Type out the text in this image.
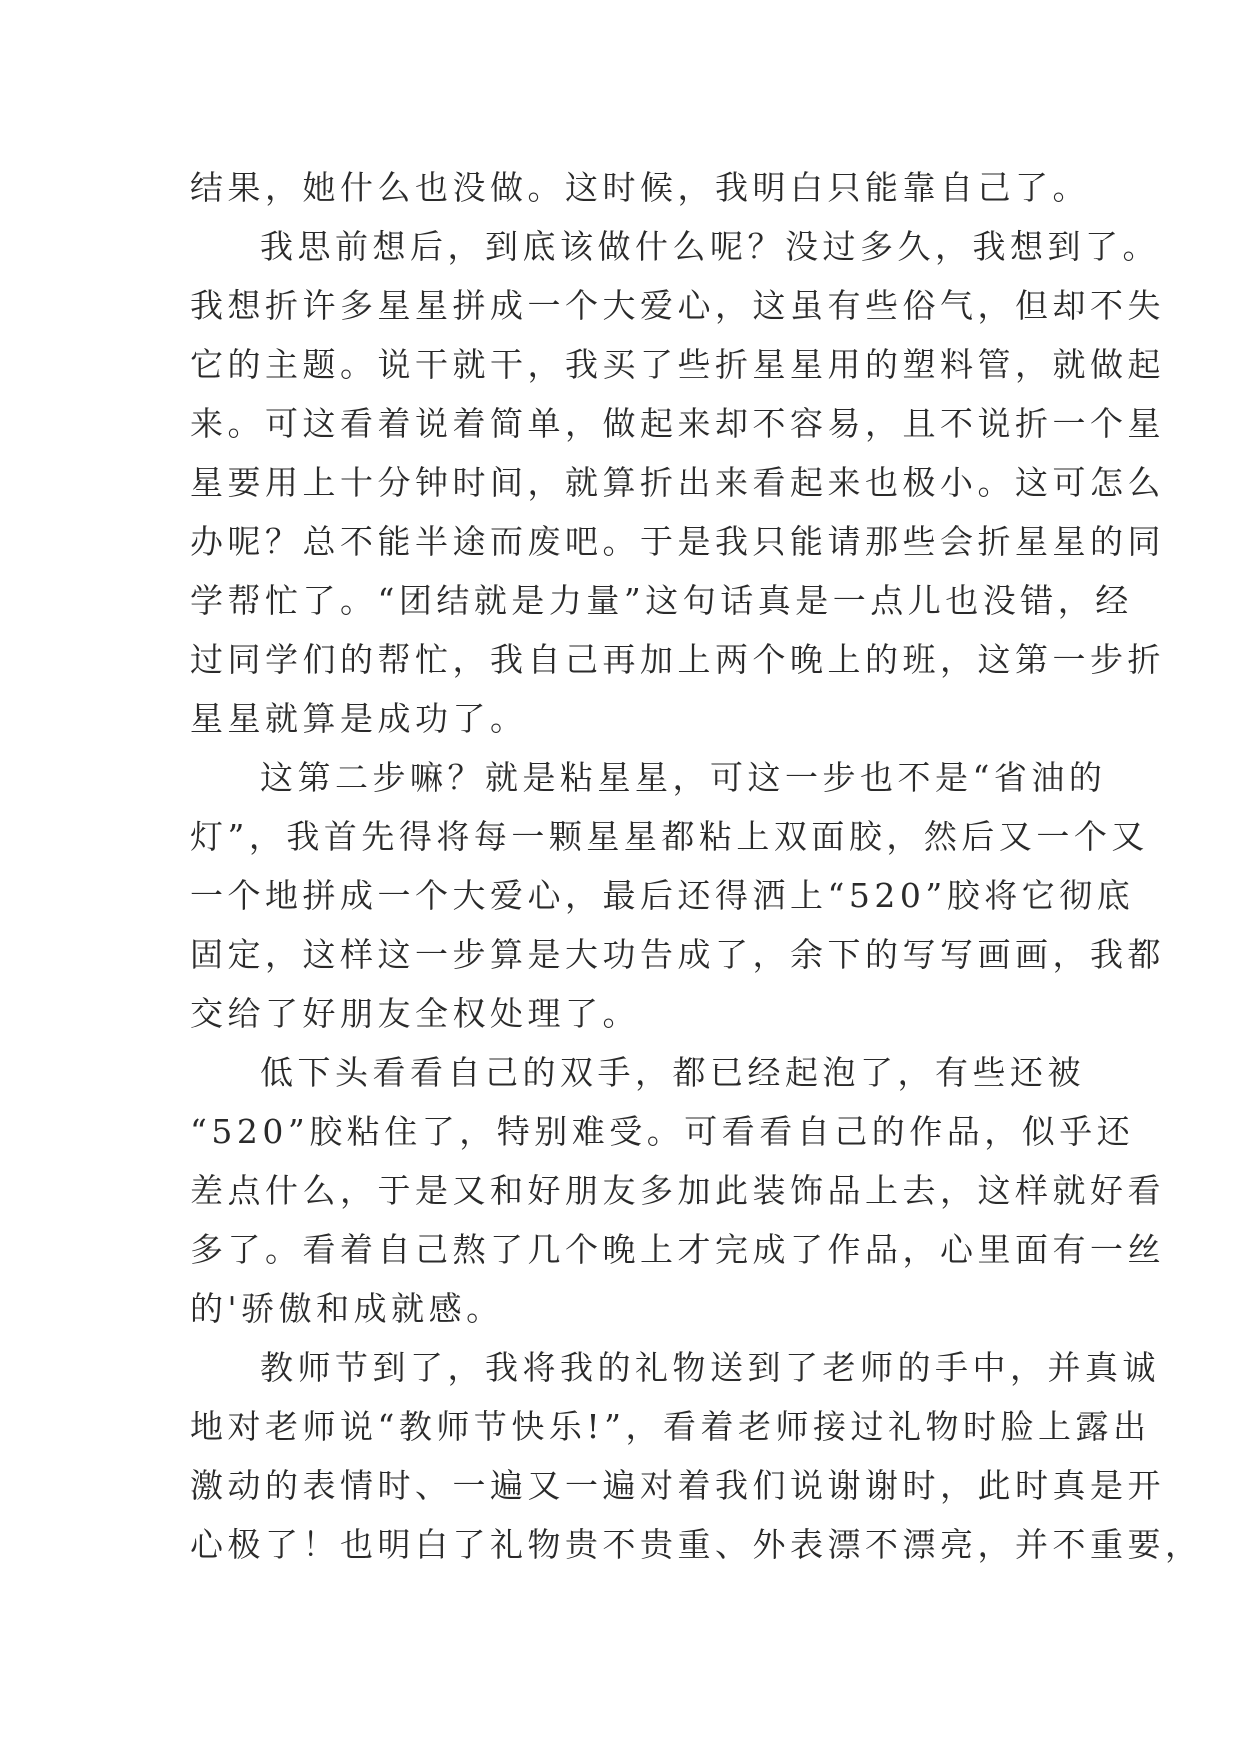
结果，她什么也没做。这时候，我明白只能靠自己了。
我思前想后，到底该做什么呢？没过多久，我想到了。
我想折许多星星拼成一个大爱心，这虽有些俗气，但却不失
它的主题。说干就干，我买了些折星星用的塑料管，就做起
来。可这看着说着简单，做起来却不容易，且不说折一个星
星要用上十分钟时间，就算折出来看起来也极小。这可怎么
办呢？总不能半途而废吧。于是我只能请那些会折星星的同
学帮忙了。“团结就是力量”这句话真是一点儿也没错，经
过同学们的帮忙，我自己再加上两个晚上的班，这第一步折
星星就算是成功了。
这第二步嘛？就是粘星星，可这一步也不是“省油的
灯”，我首先得将每一颗星星都粘上双面胶，然后又一个又
一个地拼成一个大爱心，最后还得洒上“520”胶将它彻底
固定，这样这一步算是大功告成了，余下的写写画画，我都
交给了好朋友全权处理了。
低下头看看自己的双手，都已经起泡了，有些还被
“520”胶粘住了，特别难受。可看看自己的作品，似乎还
差点什么，于是又和好朋友多加此装饰品上去，这样就好看
多了。看着自己熬了几个晚上才完成了作品，心里面有一丝
的'骄傲和成就感。
教师节到了，我将我的礼物送到了老师的手中，并真诚
地对老师说“教师节快乐!”，看着老师接过礼物时脸上露出
激动的表情时、一遍又一遍对着我们说谢谢时，此时真是开
心极了！也明白了礼物贵不贵重、外表漂不漂亮，并不重要，
